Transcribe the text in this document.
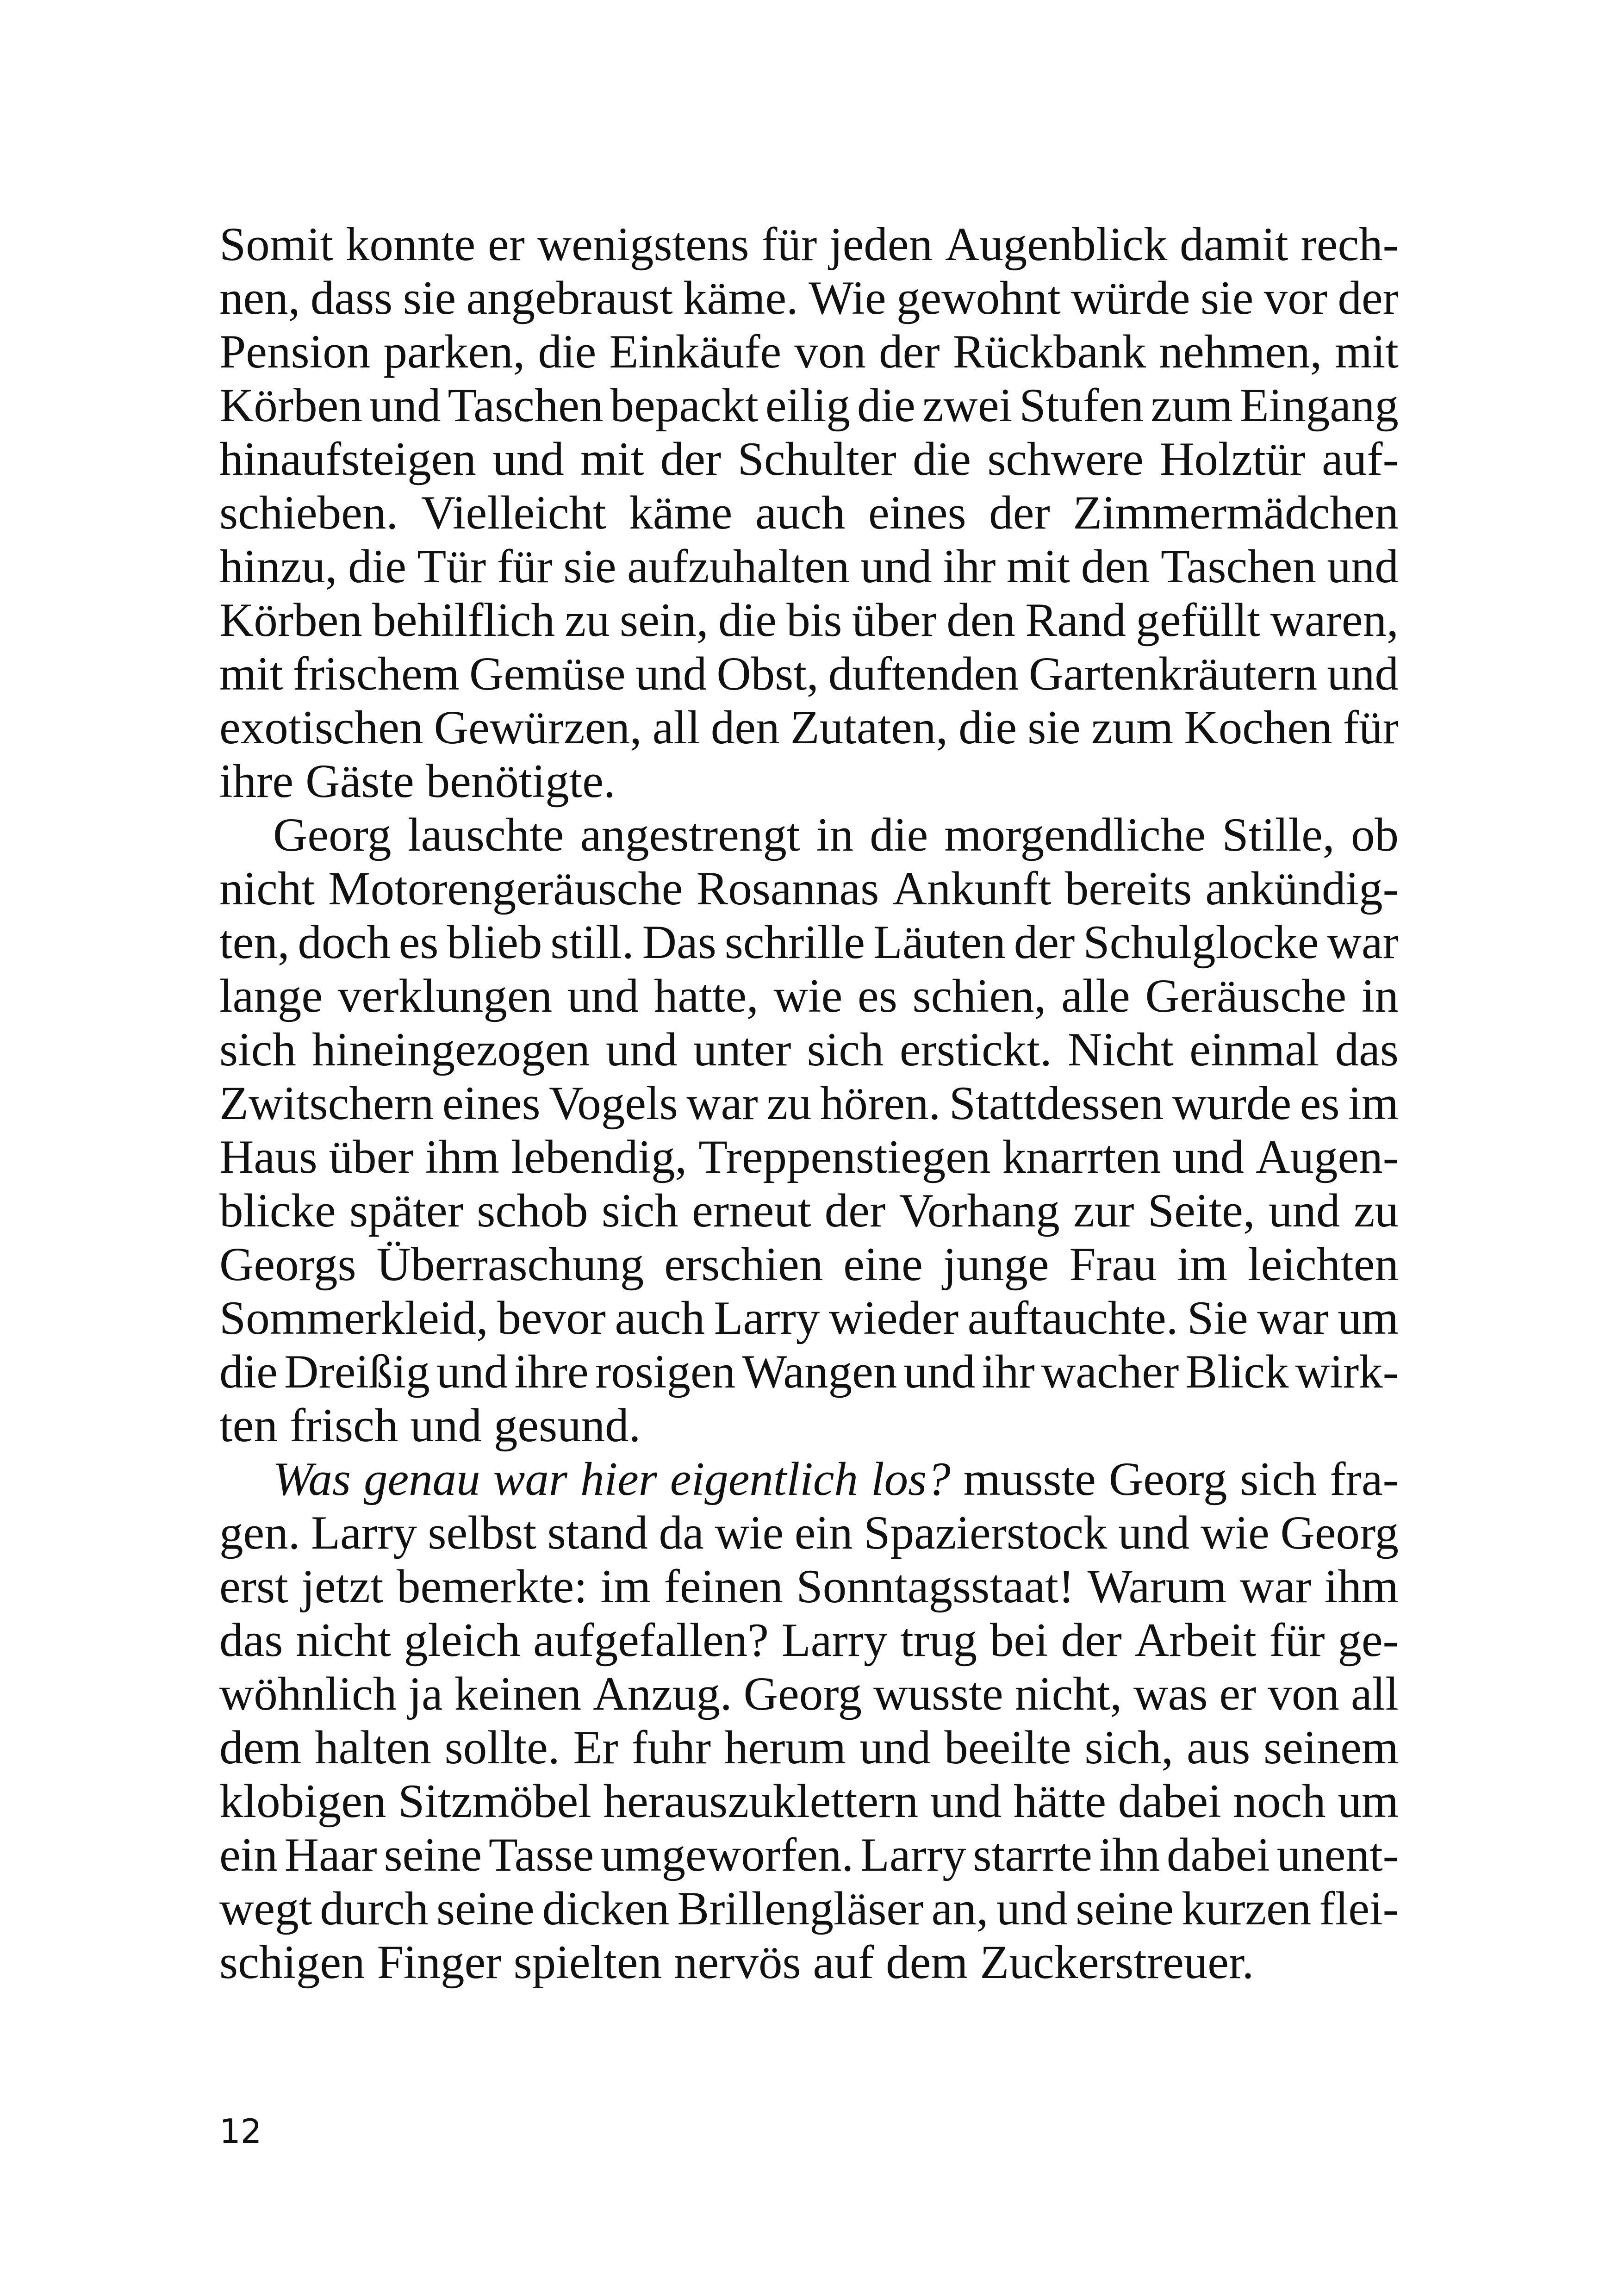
Somit konnte er wenigstens für jeden Augenblick damit rech-
nen, dass sie angebraust käme. Wie gewohnt würde sie vor der
Pension parken, die Einkäufe von der Rückbank nehmen, mit
Körben und Taschen bepackt eilig die zwei Stufen zum Eingang
hinaufsteigen und mit der Schulter die schwere Holztür auf-
schieben. Vielleicht käme auch eines der Zimmermädchen
hinzu, die Tür für sie aufzuhalten und ihr mit den Taschen und
Körben behilflich zu sein, die bis über den Rand gefüllt waren,
mit frischem Gemüse und Obst, duftenden Gartenkräutern und
exotischen Gewürzen, all den Zutaten, die sie zum Kochen für
ihre Gäste benötigte.
Georg lauschte angestrengt in die morgendliche Stille, ob
nicht Motorengeräusche Rosannas Ankunft bereits ankündig-
ten, doch es blieb still. Das schrille Läuten der Schulglocke war
lange verklungen und hatte, wie es schien, alle Geräusche in
sich hineingezogen und unter sich erstickt. Nicht einmal das
Zwitschern eines Vogels war zu hören. Stattdessen wurde es im
Haus über ihm lebendig, Treppenstiegen knarrten und Augen-
blicke später schob sich erneut der Vorhang zur Seite, und zu
Georgs Überraschung erschien eine junge Frau im leichten
Sommerkleid, bevor auch Larry wieder auftauchte. Sie war um
die Dreißig und ihre rosigen Wangen und ihr wacher Blick wirk-
ten frisch und gesund.
Was genau war hier eigentlich los? musste Georg sich fra-
gen. Larry selbst stand da wie ein Spazierstock und wie Georg
erst jetzt bemerkte: im feinen Sonntagsstaat! Warum war ihm
das nicht gleich aufgefallen? Larry trug bei der Arbeit für ge-
wöhnlich ja keinen Anzug. Georg wusste nicht, was er von all
dem halten sollte. Er fuhr herum und beeilte sich, aus seinem
klobigen Sitzmöbel herauszuklettern und hätte dabei noch um
ein Haar seine Tasse umgeworfen. Larry starrte ihn dabei unent-
wegt durch seine dicken Brillengläser an, und seine kurzen flei-
schigen Finger spielten nervös auf dem Zuckerstreuer.
12
